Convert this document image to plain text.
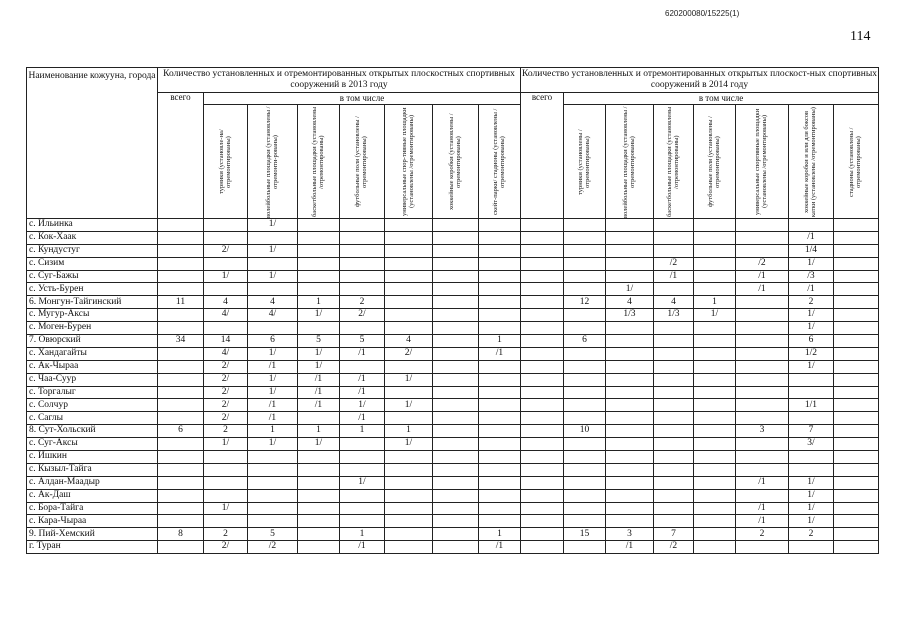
620200080/15225(1)
114
Наименование кожууна, города	Количество установленных и отремонтированных открытых плоскостных спортивных сооружений в 2013 году								Количество установленных и отремонтированных открытых плоскост-ных спортивных сооружений в 2014 году								
	всего	в том числе							всего	в том числе							

		турники (установле-на/отремонтированы)	волейбольные площадки (установлены /отремонти-рованы)	баскетбольные площадки (установлены /отремонтированы)	футбольные поля (установлены /отремонтированы)	универсальные спор-тивные площадки (установлены /отремонтированы)	хоккейные коробки (установлены /отремонтированы)	скейт-парки/ стадионы (установлены /отремонтированы)		турники (установлены /отремонтированы)	волейбольные площадки (установлены /отремонтированы)	баскетбольные площадки (установлены /отремонтированы)	футбольные поля (установлены /отремонтированы)	универсальные спортивные площадки (установлены /отремонтированы)	хоккейные коробки и или для боксов катки (установлены /отремонтированы)	стадионы (установлены /отремонтированы)	

с. Ильинка			1/														
с. Кок-Хаак															/1		
с. Кундустуг		2/	1/												1/4		
с. Сизим												/2		/2	1/		
с. Суг-Бажы		1/	1/									/1		/1	/3		
с. Усть-Бурен											1/			/1	/1		
6. Монгун-Тайгинский	11	4	4	1	2					12	4	4	1		2		
с. Мугур-Аксы		4/	4/	1/	2/						1/3	1/3	1/		1/		
с. Моген-Бурен															1/		
7. Овюрский	34	14	6	5	5	4		1		6					6		
с. Хандагайты		4/	1/	1/	/1	2/		/1							1/2		
с. Ак-Чыраа		2/	/1	1/											1/		
с. Чаа-Суур		2/	1/	/1	/1	1/											
с. Торгалыг		2/	1/	/1	/1												
с. Солчур		2/	/1	/1	1/	1/									1/1		
с. Саглы		2/	/1		/1												
8. Сут-Хольский	6	2	1	1	1	1				10				3	7		
с. Суг-Аксы		1/	1/	1/		1/									3/		
с. Ишкин																	
с. Кызыл-Тайга																	
с. Алдан-Маадыр					1/									/1	1/		
с. Ак-Даш															1/		
с. Бора-Тайга		1/												/1	1/		
с. Кара-Чыраа														/1	1/		
9. Пий-Хемский	8	2	5		1			1		15	3	7		2	2		
г. Туран		2/	/2		/1			/1			/1	/2					
